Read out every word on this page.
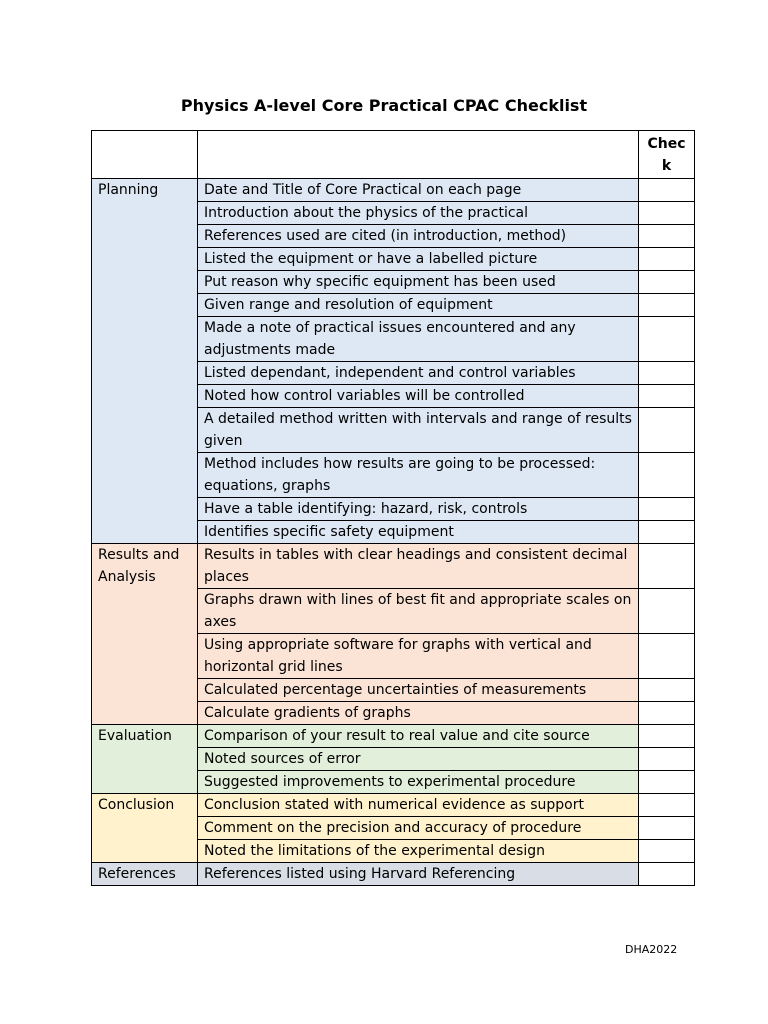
Physics A-level Core Practical CPAC Checklist
		Chec
k
Planning	Date and Title of Core Practical on each page	
	Introduction about the physics of the practical	
	References used are cited (in introduction, method)	
	Listed the equipment or have a labelled picture	
	Put reason why specific equipment has been used	
	Given range and resolution of equipment	
	Made a note of practical issues encountered and any adjustments made	
	Listed dependant, independent and control variables	
	Noted how control variables will be controlled	
	A detailed method written with intervals and range of results given	
	Method includes how results are going to be processed: equations, graphs	
	Have a table identifying: hazard, risk, controls	
	Identifies specific safety equipment	
Results and Analysis	Results in tables with clear headings and consistent decimal places	
	Graphs drawn with lines of best fit and appropriate scales on axes	
	Using appropriate software for graphs with vertical and horizontal grid lines	
	Calculated percentage uncertainties of measurements	
	Calculate gradients of graphs	
Evaluation	Comparison of your result to real value and cite source	
	Noted sources of error	
	Suggested improvements to experimental procedure	
Conclusion	Conclusion stated with numerical evidence as support	
	Comment on the precision and accuracy of procedure	
	Noted the limitations of the experimental design	
References	References listed using Harvard Referencing	
DHA2022
